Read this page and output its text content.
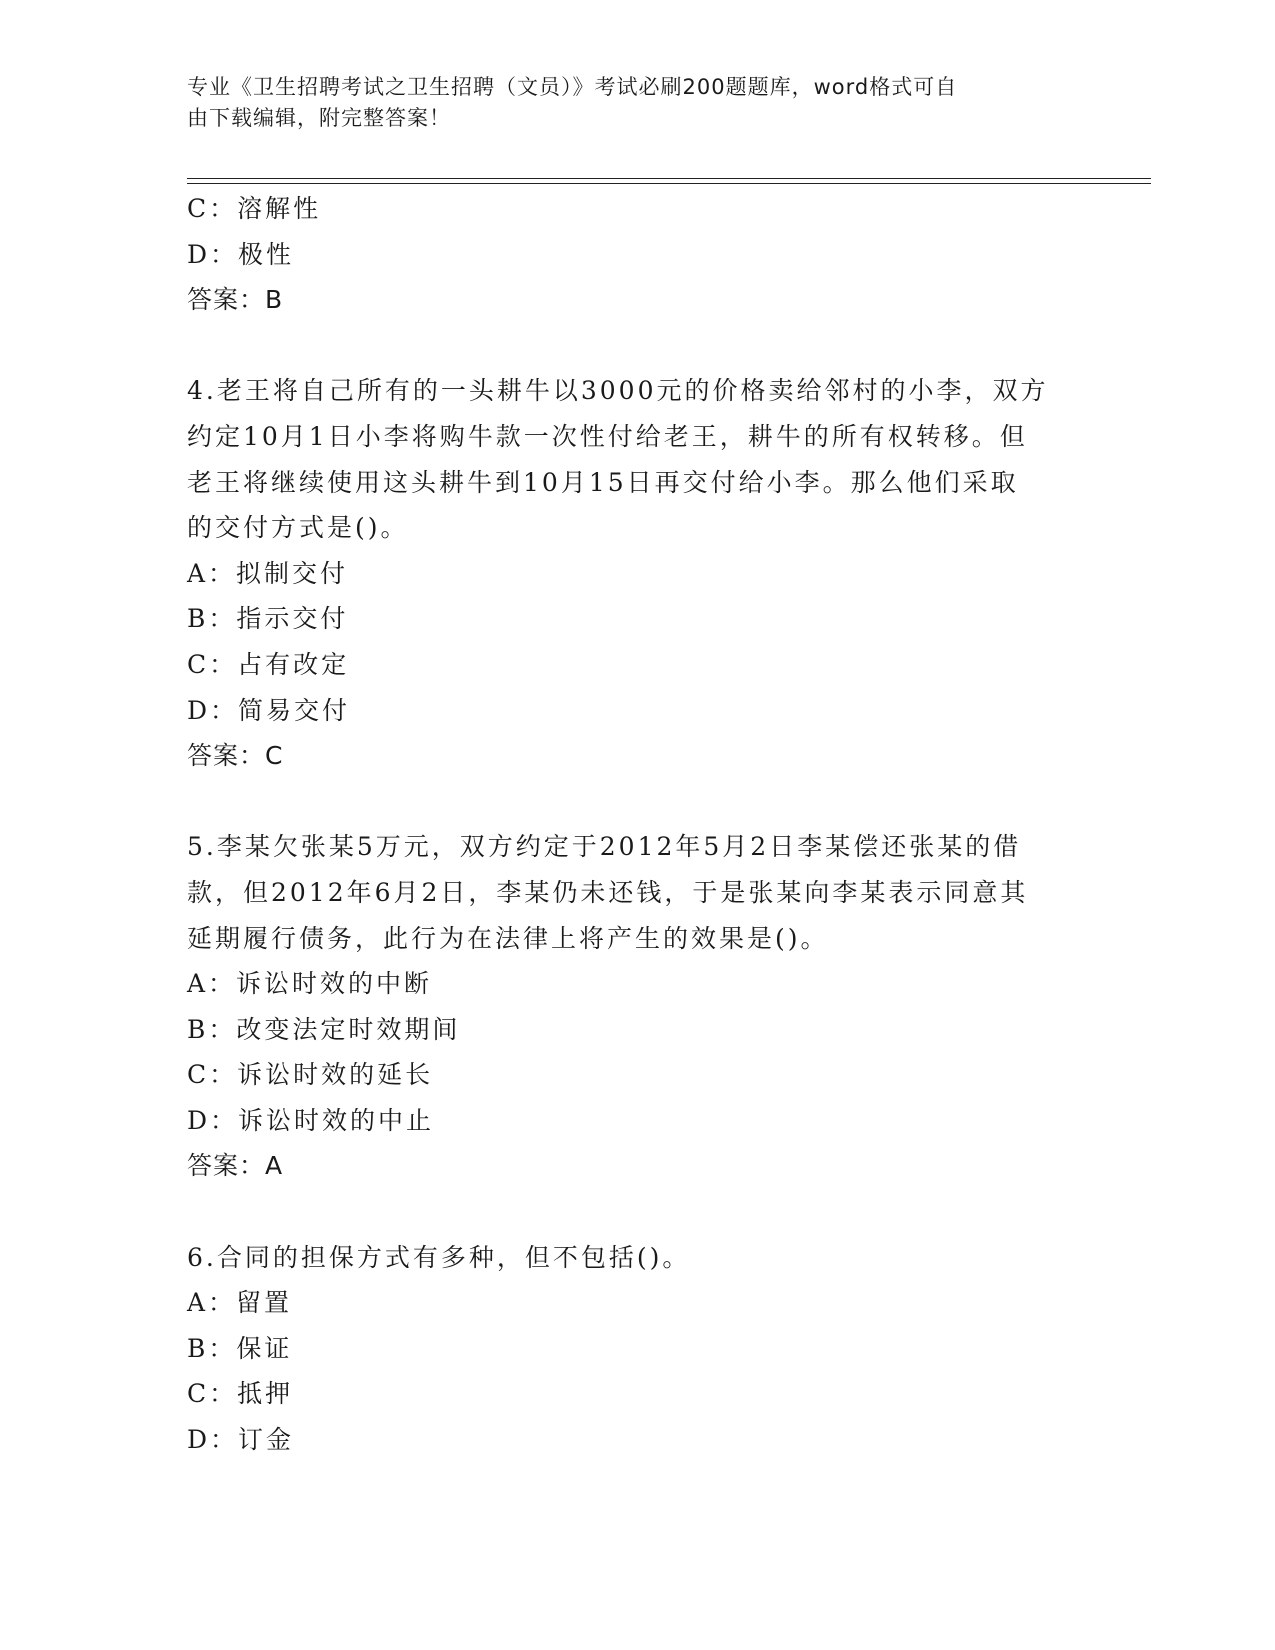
专业《卫生招聘考试之卫生招聘（文员）》考试必刷200题题库，word格式可自
由下载编辑，附完整答案！
C：溶解性
D：极性
答案：B
4.老王将自己所有的一头耕牛以3000元的价格卖给邻村的小李，双方
约定10月1日小李将购牛款一次性付给老王，耕牛的所有权转移。但
老王将继续使用这头耕牛到10月15日再交付给小李。那么他们采取
的交付方式是()。
A：拟制交付
B：指示交付
C：占有改定
D：简易交付
答案：C
5.李某欠张某5万元，双方约定于2012年5月2日李某偿还张某的借
款，但2012年6月2日，李某仍未还钱，于是张某向李某表示同意其
延期履行债务，此行为在法律上将产生的效果是()。
A：诉讼时效的中断
B：改变法定时效期间
C：诉讼时效的延长
D：诉讼时效的中止
答案：A
6.合同的担保方式有多种，但不包括()。
A：留置
B：保证
C：抵押
D：订金
